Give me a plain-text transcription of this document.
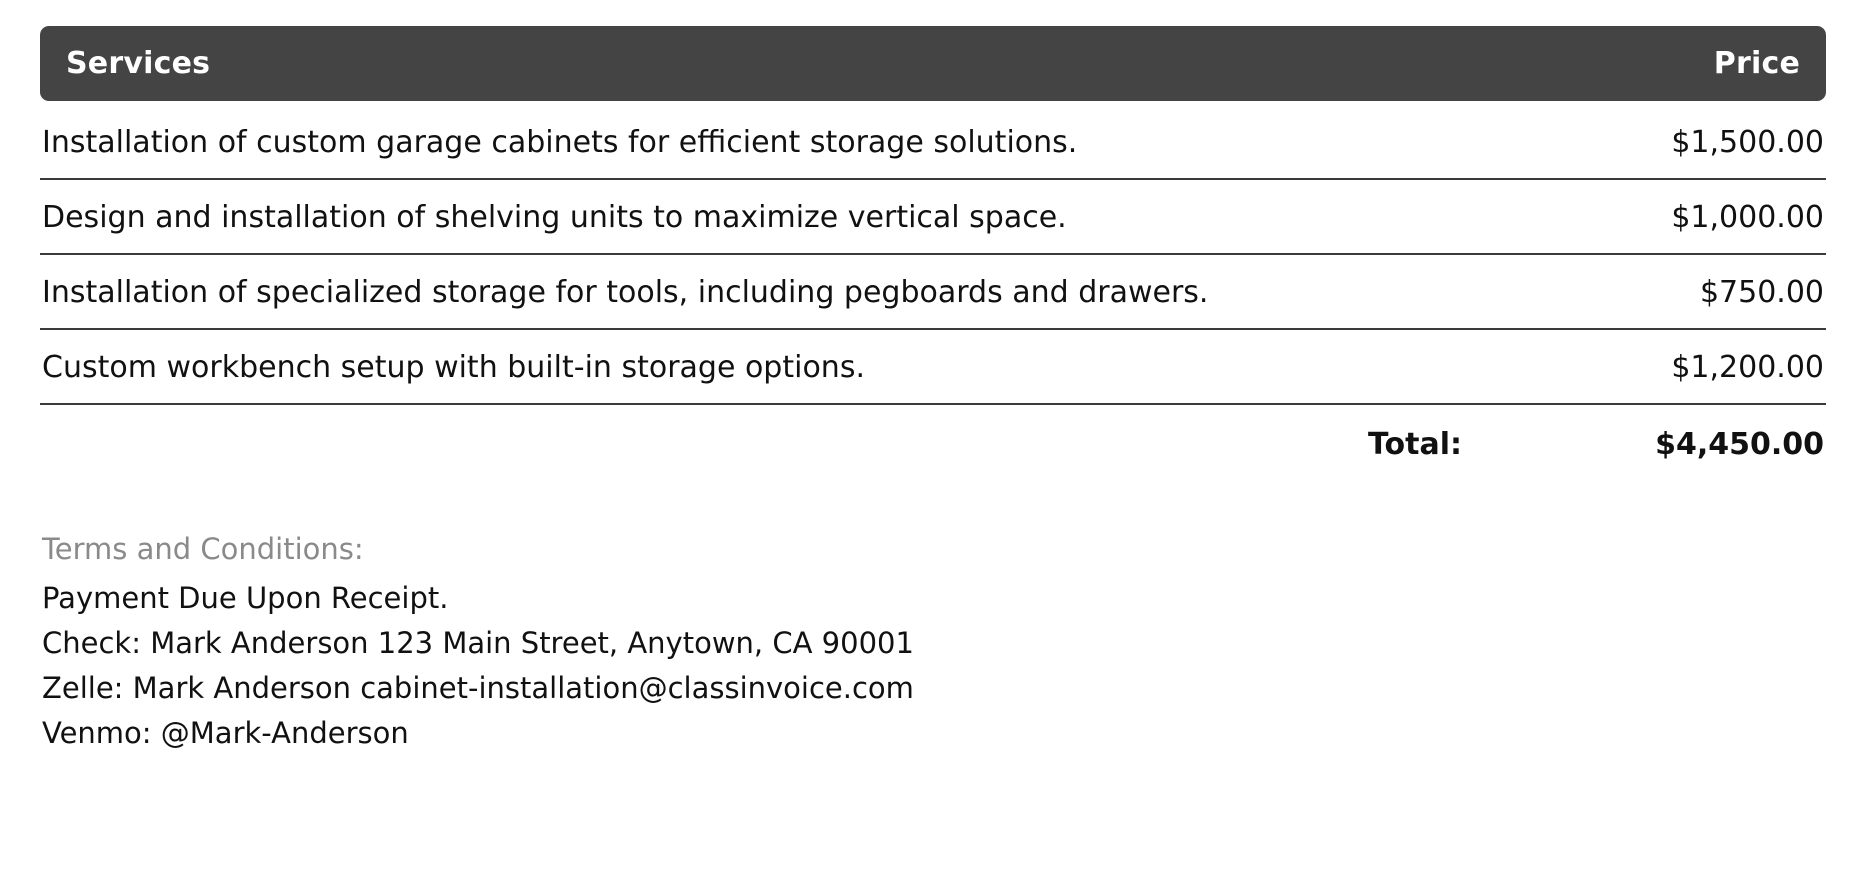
Services	Price
Installation of custom garage cabinets for efficient storage solutions.	$1,500.00
Design and installation of shelving units to maximize vertical space.	$1,000.00
Installation of specialized storage for tools, including pegboards and drawers.	$750.00
Custom workbench setup with built-in storage options.	$1,200.00
Total:	$4,450.00
Terms and Conditions:
Payment Due Upon Receipt.
Check: Mark Anderson 123 Main Street, Anytown, CA 90001
Zelle: Mark Anderson cabinet-installation@classinvoice.com
Venmo: @Mark-Anderson
